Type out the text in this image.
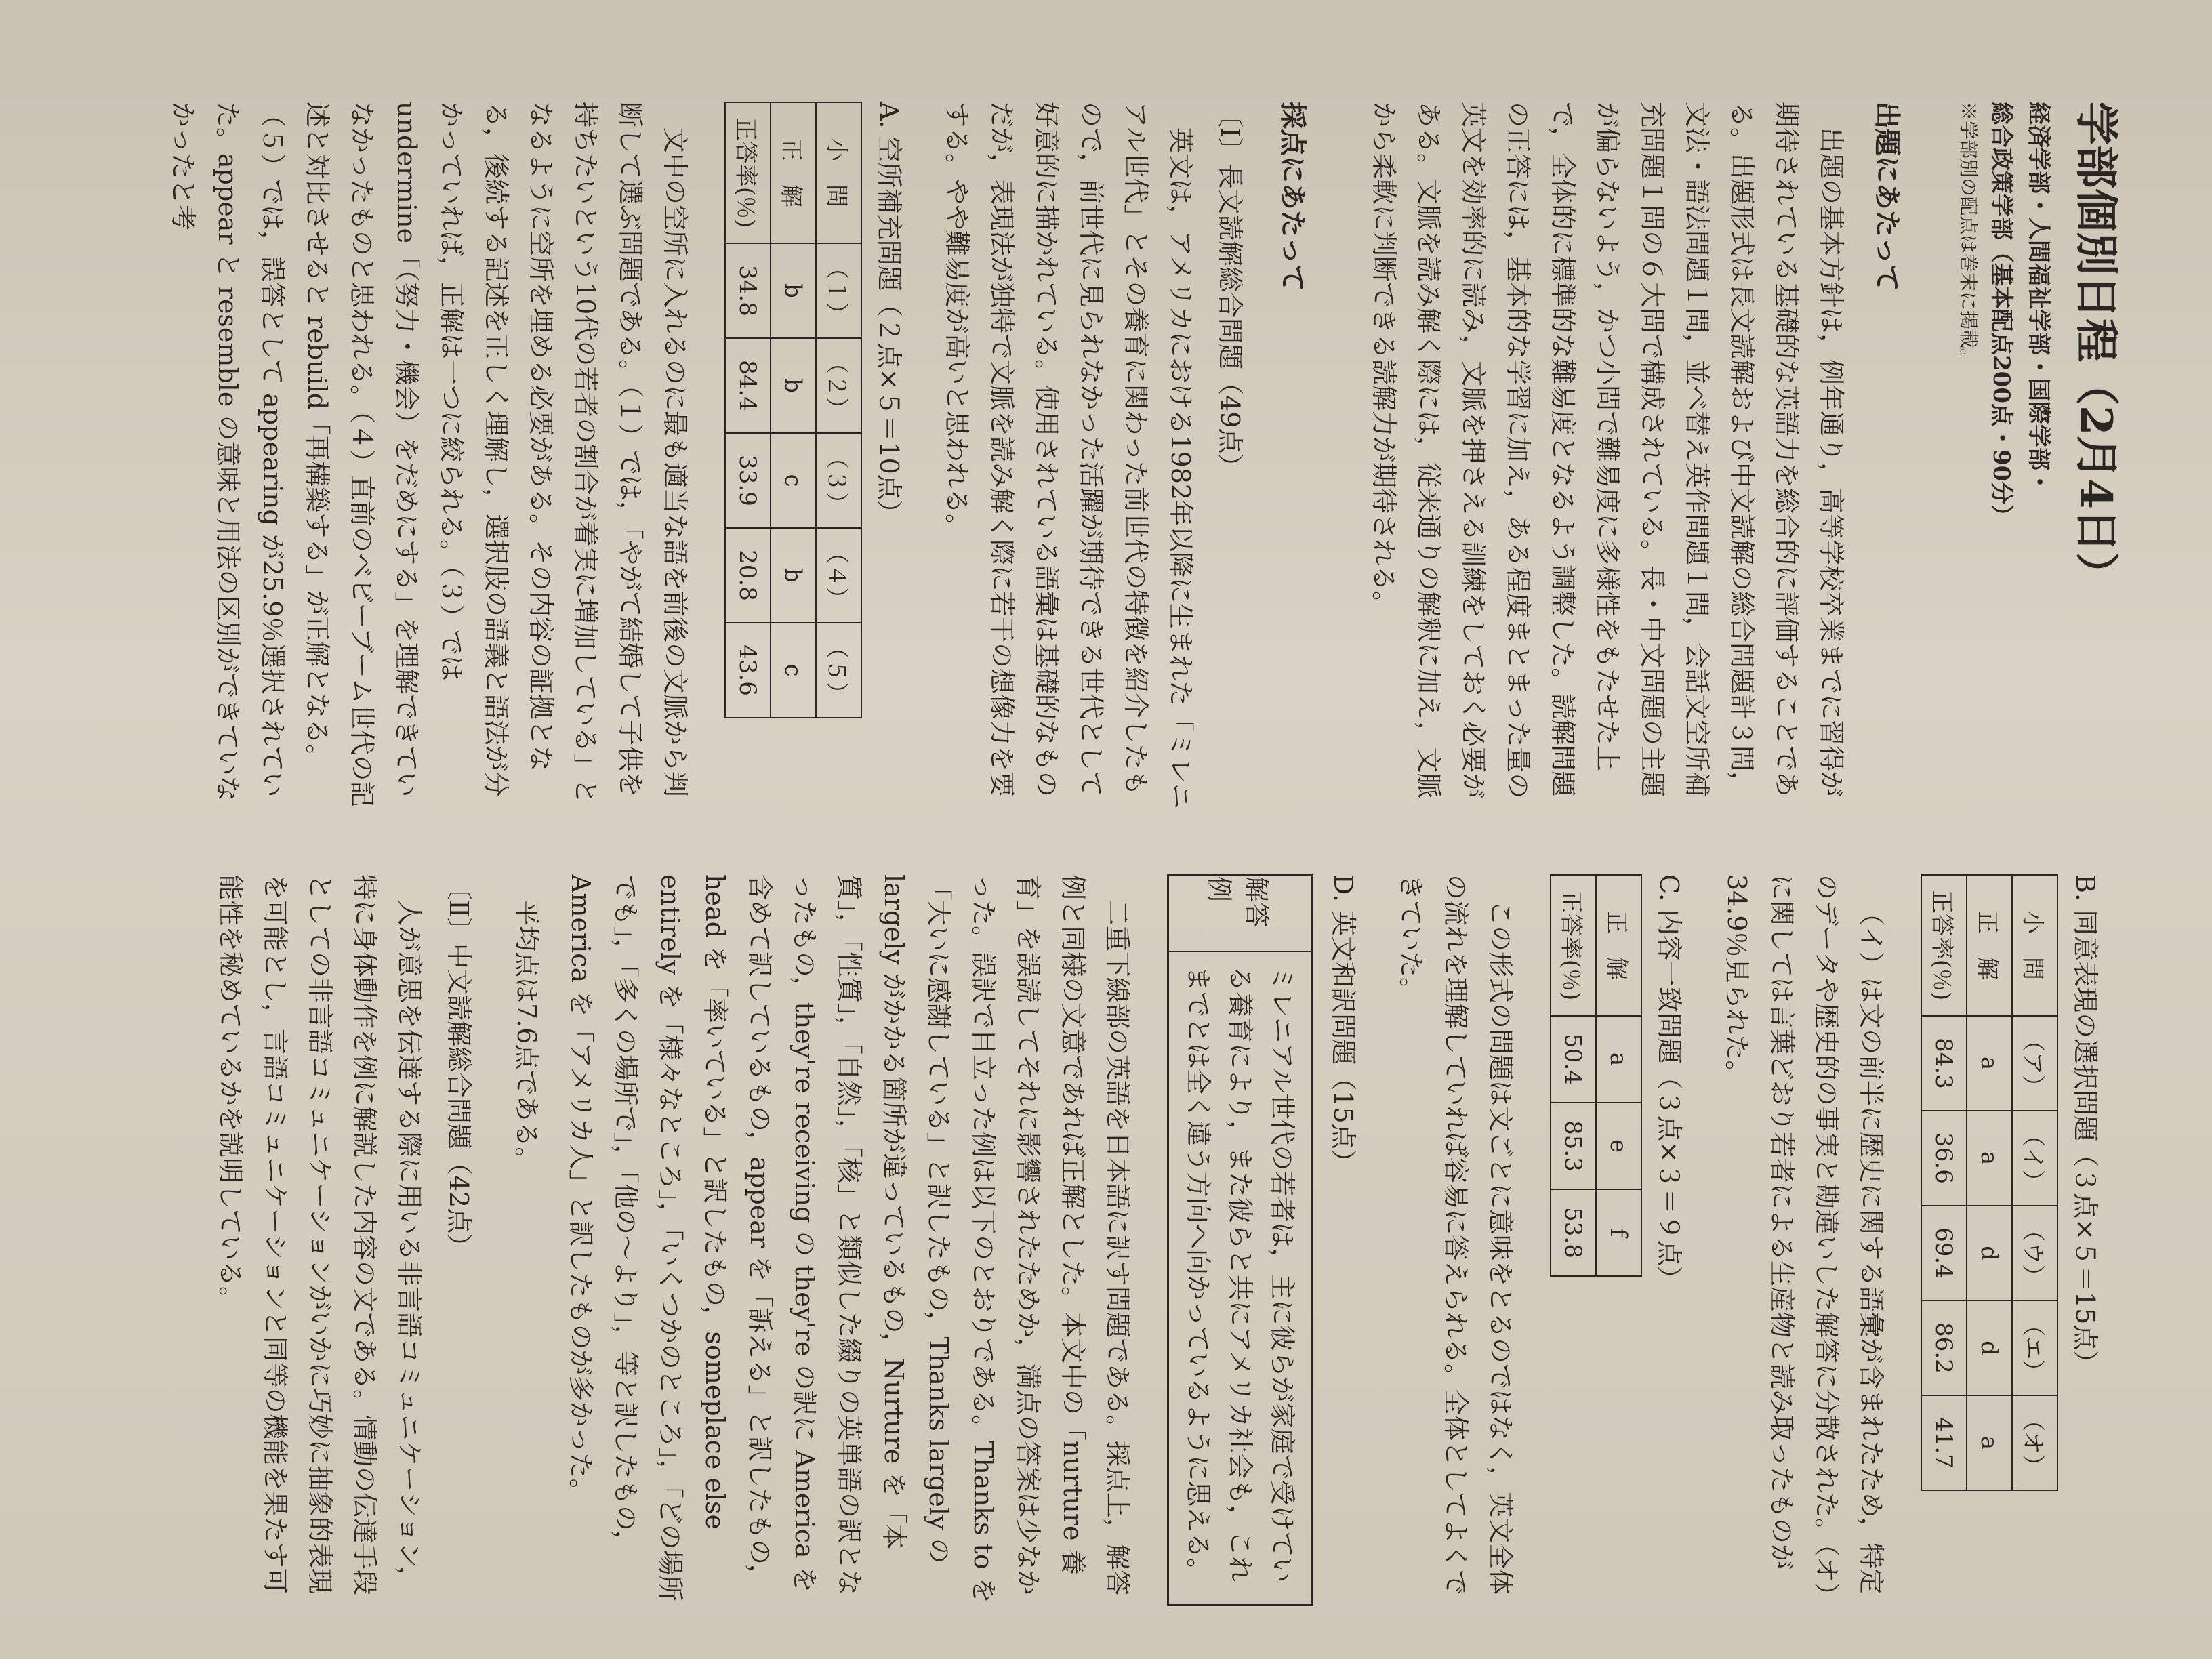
学部個別日程（2月4日）
経済学部・人間福祉学部・国際学部・
総合政策学部（基本配点200点・90分）
※学部別の配点は巻末に掲載。
出題にあたって

出題の基本方針は，例年通り，高等学校卒業までに習得が期待されている基礎的な英語力を総合的に評価することである。出題形式は長文読解および中文読解の総合問題計３問，文法・語法問題１問，並べ替え英作問題１問，会話文空所補充問題１問の６大問で構成されている。長・中文問題の主題が偏らないよう，かつ小問で難易度に多様性をもたせた上で，全体的に標準的な難易度となるよう調整した。読解問題の正答には，基本的な学習に加え，ある程度まとまった量の英文を効率的に読み，文脈を押さえる訓練をしておく必要がある。文脈を読み解く際には，従来通りの解釈に加え，文脈から柔軟に判断できる読解力が期待される。

採点にあたって
〔Ⅰ〕長文読解総合問題（49点）

英文は，アメリカにおける1982年以降に生まれた「ミレニアル世代」とその養育に関わった前世代の特徴を紹介したもので，前世代に見られなかった活躍が期待できる世代として好意的に描かれている。使用されている語彙は基礎的なものだが，表現法が独特で文脈を読み解く際に若干の想像力を要する。やや難易度が高いと思われる。

A. 空所補充問題（２点×５＝10点）
小　問	（１）	（２）	（３）	（４）	（５）
正　解	b	b	c	b	c
正答率(％)	34.8	84.4	33.9	20.8	43.6

文中の空所に入れるのに最も適当な語を前後の文脈から判断して選ぶ問題である。（１）では，「やがて結婚して子供を持ちたいという10代の若者の割合が着実に増加している」となるように空所を埋める必要がある。その内容の証拠となる，後続する記述を正しく理解し，選択肢の語義と語法が分かっていれば，正解は一つに絞られる。（３）では undermine「（努力・機会）をだめにする」を理解できていなかったものと思われる。（４）直前のベビーブーム世代の記述と対比させると rebuild「再構築する」が正解となる。（５）では，誤答として appearing が25.9％選択されていた。appear と resemble の意味と用法の区別ができていなかったと考

B. 同意表現の選択問題（３点×５＝15点）
小　問	（ア）	（イ）	（ウ）	（エ）	（オ）
正　解	a	a	d	d	a
正答率(％)	84.3	36.6	69.4	86.2	41.7

（イ）は文の前半に歴史に関する語彙が含まれたため，特定のデータや歴史的の事実と勘違いした解答に分散された。（オ）に関しては言葉どおり若者による生産物と読み取ったものが34.9％見られた。

C. 内容一致問題（３点×３＝９点）
正　解	a	e	f
正答率(％)	50.4	85.3	53.8

この形式の問題は文ごとに意味をとるのではなく，英文全体の流れを理解していれば容易に答えられる。全体としてよくできていた。

D. 英文和訳問題（15点）
解答例
ミレニアル世代の若者は，主に彼らが家庭で受けている養育により，また彼らと共にアメリカ社会も，これまでとは全く違う方向へ向かっているように思える。

二重下線部の英語を日本語に訳す問題である。採点上，解答例と同様の文意であれば正解とした。本文中の「nurture 養育」を誤読してそれに影響されたためか，満点の答案は少なかった。誤訳で目立った例は以下のとおりである。Thanks to を「大いに感謝している」と訳したもの，Thanks largely の largely がかかる箇所が違っているもの，Nurture を「本質」，「性質」，「自然」，「核」と類似した綴りの英単語の訳となったもの，they're receiving の they're の訳に America を含めて訳しているもの，appear を「訴える」と訳したもの，head を「率いている」と訳したもの，someplace else entirely を「様々なところ」，「いくつかのところ」，「どの場所でも」，「多くの場所で」，「他の～より」，等と訳したもの，America を「アメリカ人」と訳したものが多かった。

平均点は7.6点である。

〔Ⅱ〕中文読解総合問題（42点）

人が意思を伝達する際に用いる非言語コミュニケーション，特に身体動作を例に解説した内容の文である。情動の伝達手段としての非言語コミュニケーションがいかに巧妙に抽象的表現を可能とし，言語コミュニケーションと同等の機能を果たす可能性を秘めているかを説明している。
